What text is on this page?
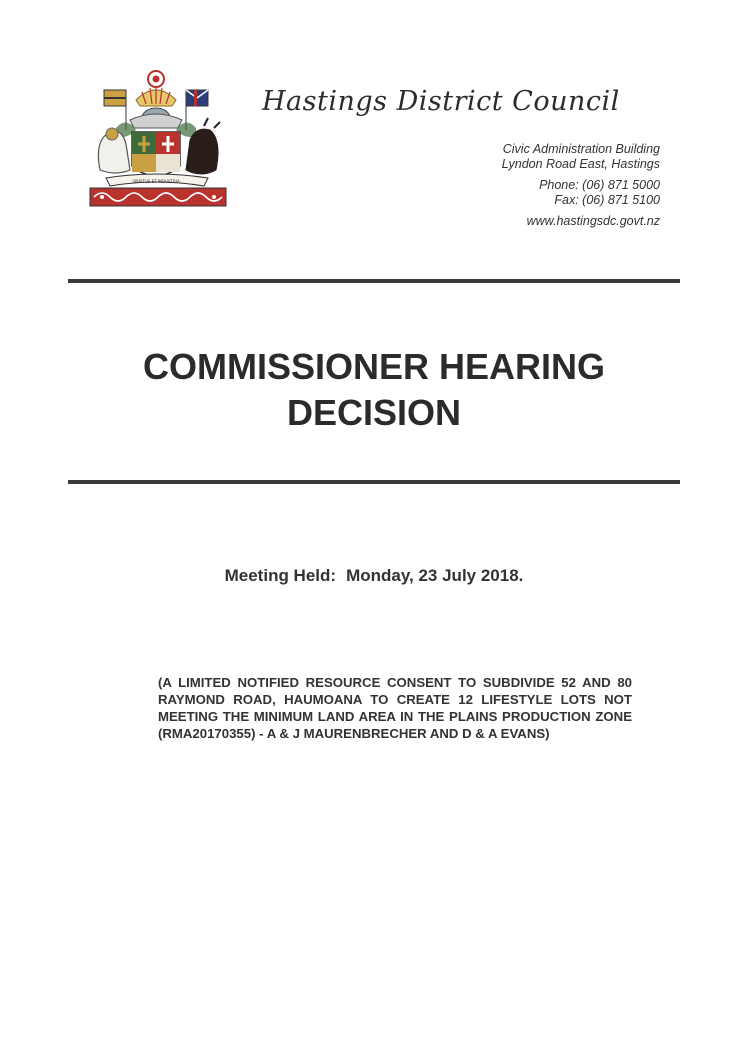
SPIRITUS ET INDUSTRIA
Hastings District Council
Civic Administration Building
Lyndon Road East, Hastings
Phone: (06) 871 5000
Fax: (06) 871 5100
www.hastingsdc.govt.nz
COMMISSIONER HEARING
DECISION
Meeting Held: Monday, 23 July 2018.
(A LIMITED NOTIFIED RESOURCE CONSENT TO SUBDIVIDE 52 AND 80 RAYMOND ROAD, HAUMOANA TO CREATE 12 LIFESTYLE LOTS NOT MEETING THE MINIMUM LAND AREA IN THE PLAINS PRODUCTION ZONE (RMA20170355) - A & J MAURENBRECHER AND D & A EVANS)
